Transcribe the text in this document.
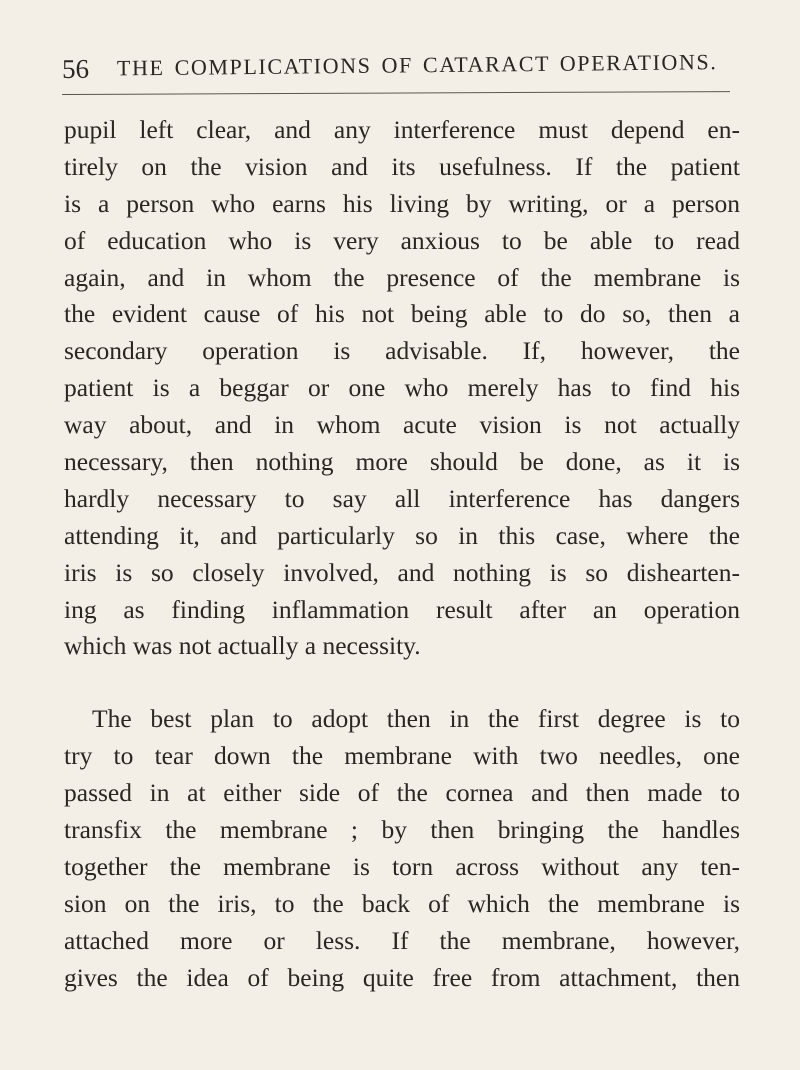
56 THE COMPLICATIONS OF CATARACT OPERATIONS.
pupil left clear, and any interference must depend en-
tirely on the vision and its usefulness. If the patient
is a person who earns his living by writing, or a person
of education who is very anxious to be able to read
again, and in whom the presence of the membrane is
the evident cause of his not being able to do so, then a
secondary operation is advisable. If, however, the
patient is a beggar or one who merely has to find his
way about, and in whom acute vision is not actually
necessary, then nothing more should be done, as it is
hardly necessary to say all interference has dangers
attending it, and particularly so in this case, where the
iris is so closely involved, and nothing is so dishearten-
ing as finding inflammation result after an operation
which was not actually a necessity.
The best plan to adopt then in the first degree is to
try to tear down the membrane with two needles, one
passed in at either side of the cornea and then made to
transfix the membrane ; by then bringing the handles
together the membrane is torn across without any ten-
sion on the iris, to the back of which the membrane is
attached more or less. If the membrane, however,
gives the idea of being quite free from attachment, then
